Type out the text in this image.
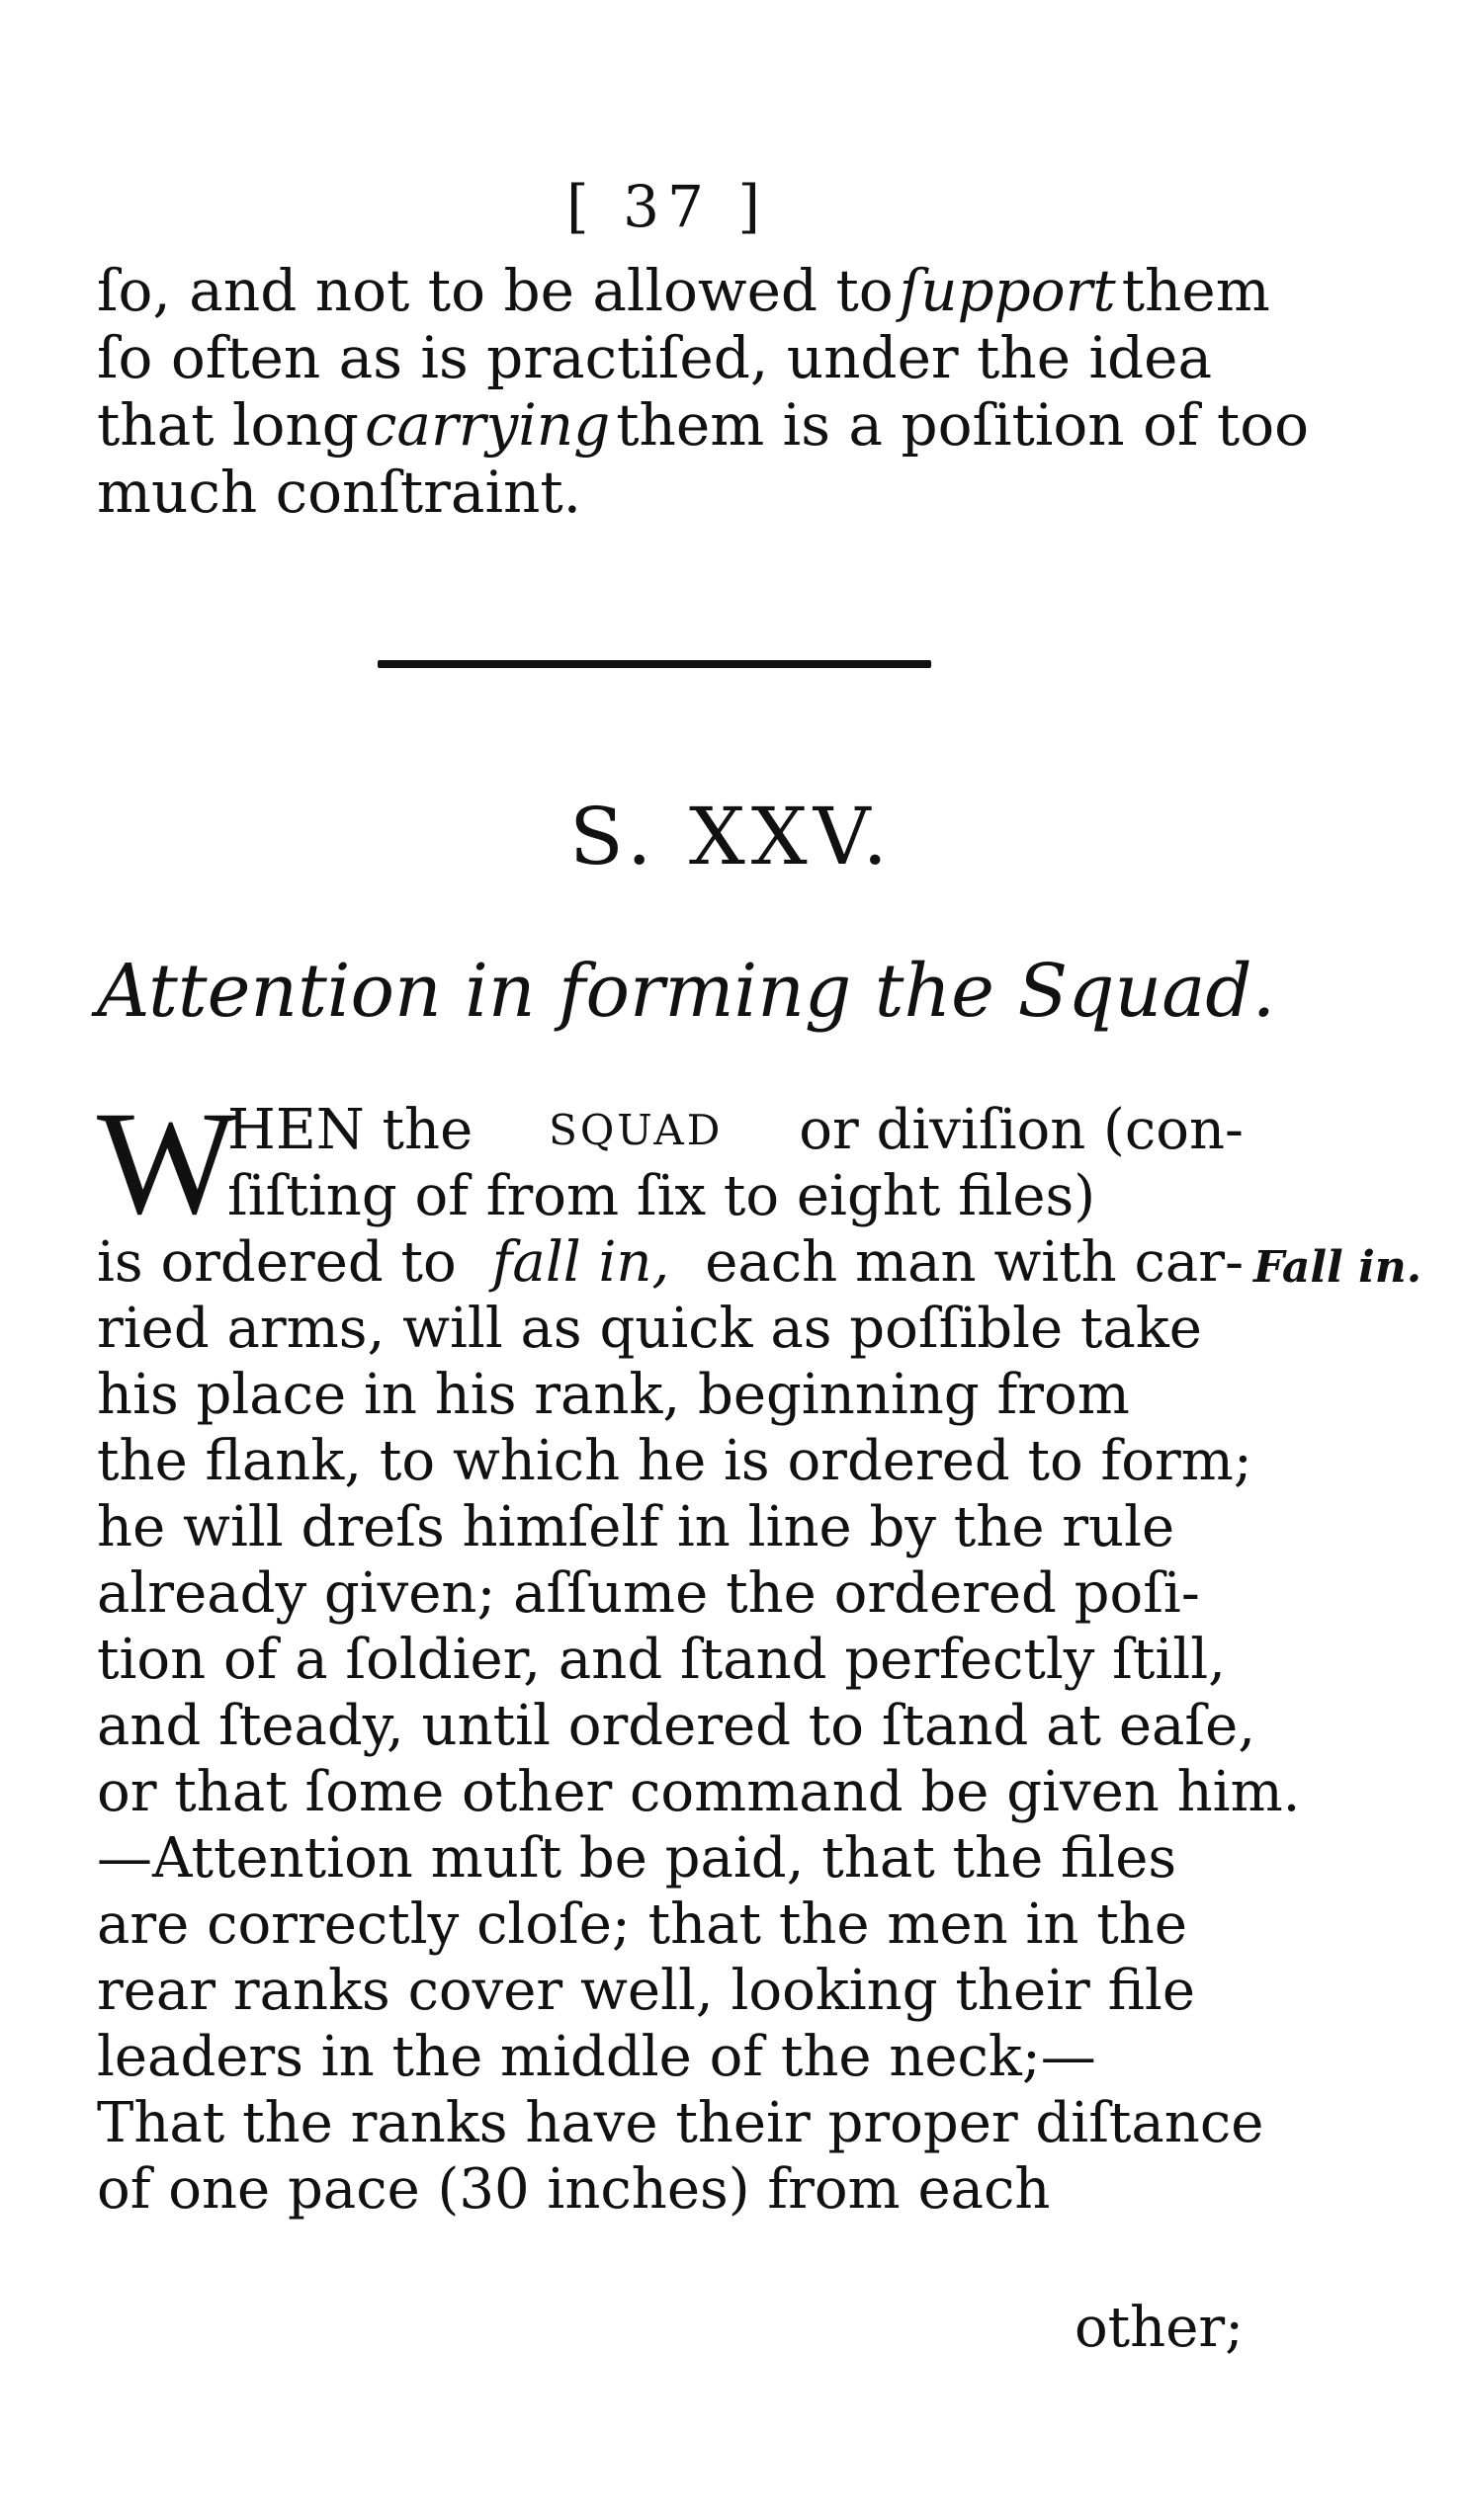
[ 37 ]
ſo, and not to be allowed to ſupport them
ſo often as is practiſed, under the idea
that long carrying them is a poſition of too
much conſtraint.
S. XXV.
Attention in forming the Squad.
W
HEN the SQUAD or diviſion (con-
ſiſting of from ſix to eight files)
is ordered to fall in, each man with car-
ried arms, will as quick as poſſible take
his place in his rank, beginning from
the flank, to which he is ordered to form;
he will dreſs himſelf in line by the rule
already given; aſſume the ordered poſi-
tion of a ſoldier, and ſtand perfectly ſtill,
and ſteady, until ordered to ſtand at eaſe,
or that ſome other command be given him.
—Attention muſt be paid, that the files
are correctly cloſe; that the men in the
rear ranks cover well, looking their file
leaders in the middle of the neck;—
That the ranks have their proper diſtance
of one pace (30 inches) from each
Fall in.
other;
